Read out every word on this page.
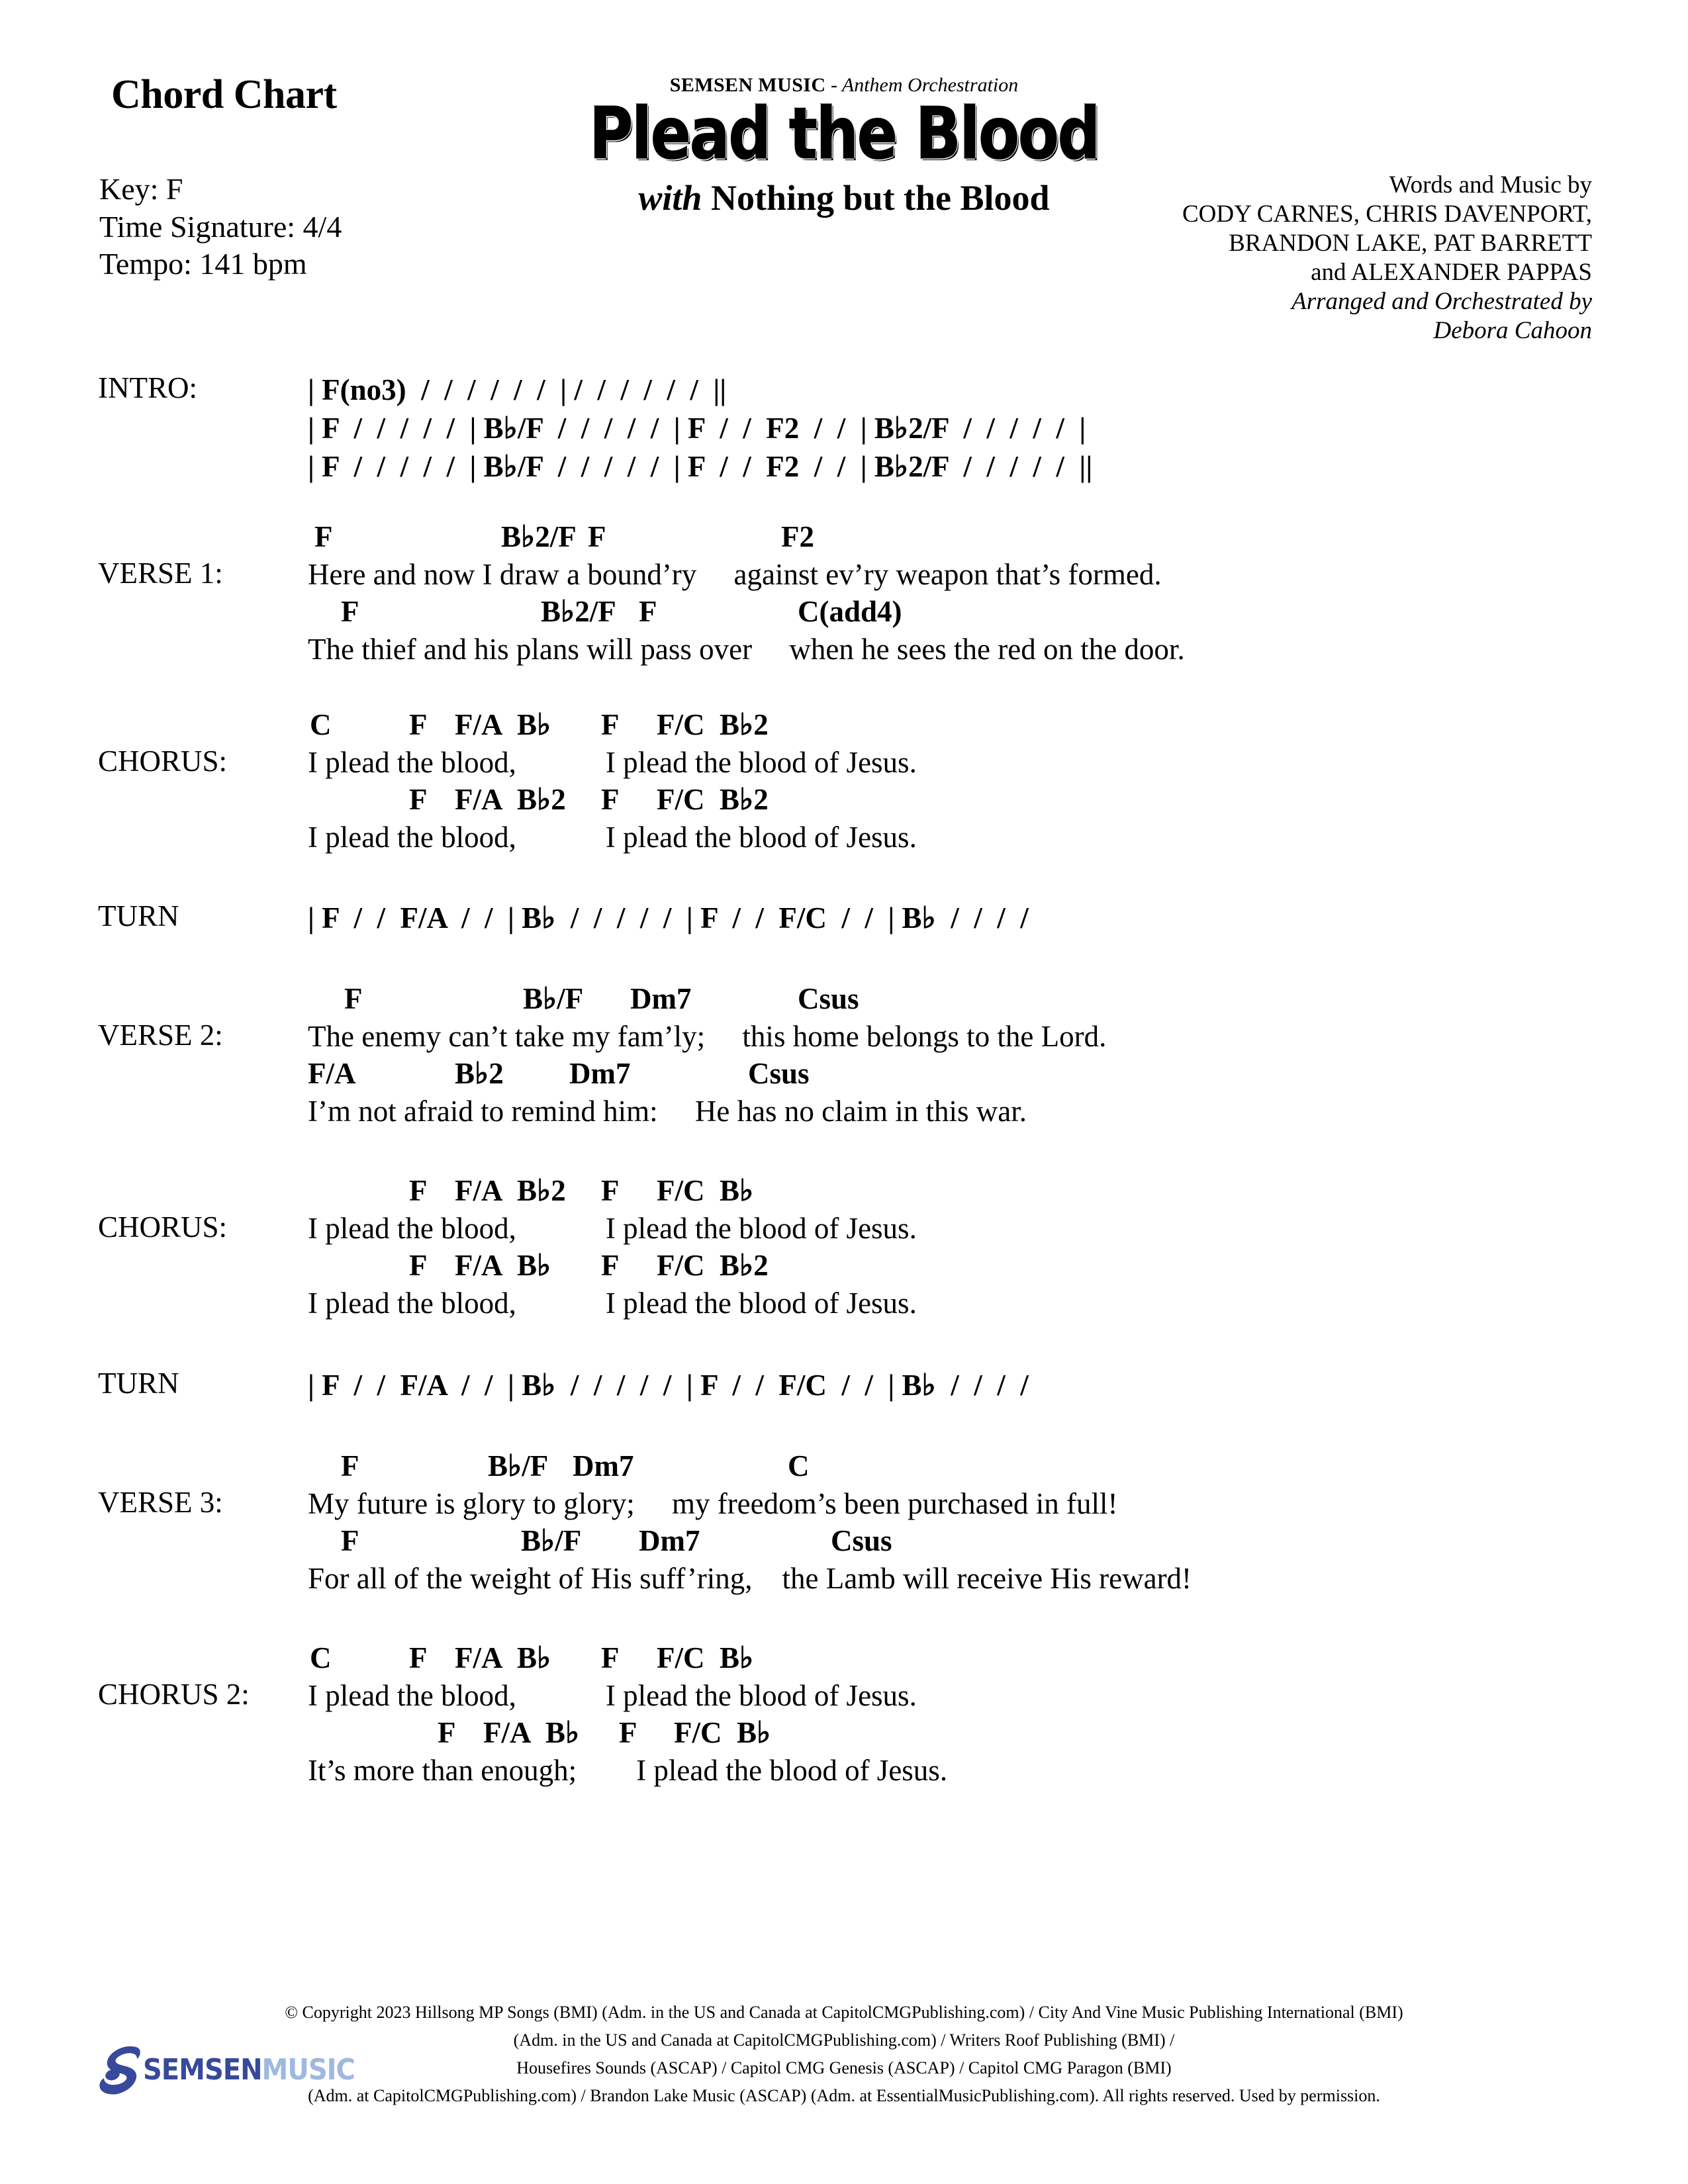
Chord Chart
Key: F
Time Signature: 4/4
Tempo: 141 bpm
SEMSEN MUSIC - Anthem Orchestration
Plead the Blood
with Nothing but the Blood	Words and Music by
CODY CARNES, CHRIS DAVENPORT,
BRANDON LAKE, PAT BARRETT
and ALEXANDER PAPPAS
Arranged and Orchestrated by
Debora Cahoon
INTRO:	| F(no3)  /  /  /  /  /  /  | /  /  /  /  /  /  ||
| F  /  /  /  /  /  | B♭/F  /  /  /  /  /  | F  /  /  F2  /  /  | B♭2/F  /  /  /  /  /  |
| F  /  /  /  /  /  | B♭/F  /  /  /  /  /  | F  /  /  F2  /  /  | B♭2/F  /  /  /  /  /  ||
VERSE 1:
F	B♭2/F F	F2
Here and now I draw a bound’ry     against ev’ry weapon that’s formed.
F	B♭2/F F	C(add4)
The thief and his plans will pass over     when he sees the red on the door.
CHORUS:
C	F F/A B♭ F F/C B♭2
I plead the blood,            I plead the blood of Jesus.
F F/A B♭2 F F/C B♭2
I plead the blood,            I plead the blood of Jesus.
TURN	| F  /  /  F/A  /  /  | B♭  /  /  /  /  /  | F  /  /  F/C  /  /  | B♭  /  /  /  /
VERSE 2:
F	B♭/F Dm7	Csus
The enemy can’t take my fam’ly;     this home belongs to the Lord.
F/A	B♭2 Dm7	Csus
I’m not afraid to remind him:     He has no claim in this war.
CHORUS:
F F/A B♭2 F F/C B♭
I plead the blood,            I plead the blood of Jesus.
F F/A B♭ F F/C B♭2
I plead the blood,            I plead the blood of Jesus.
TURN	| F  /  /  F/A  /  /  | B♭  /  /  /  /  /  | F  /  /  F/C  /  /  | B♭  /  /  /  /
VERSE 3:
F	B♭/F Dm7	C
My future is glory to glory;     my freedom’s been purchased in full!
F	B♭/F Dm7	Csus
For all of the weight of His suff’ring,    the Lamb will receive His reward!
CHORUS 2:
C	F F/A B♭ F F/C B♭
I plead the blood,            I plead the blood of Jesus.
F F/A B♭ F F/C B♭
It’s more than enough;        I plead the blood of Jesus.
SEMSENMUSIC
© Copyright 2023 Hillsong MP Songs (BMI) (Adm. in the US and Canada at CapitolCMGPublishing.com) / City And Vine Music Publishing International (BMI)
(Adm. in the US and Canada at CapitolCMGPublishing.com) / Writers Roof Publishing (BMI) /
Housefires Sounds (ASCAP) / Capitol CMG Genesis (ASCAP) / Capitol CMG Paragon (BMI)
(Adm. at CapitolCMGPublishing.com) / Brandon Lake Music (ASCAP) (Adm. at EssentialMusicPublishing.com). All rights reserved. Used by permission.
